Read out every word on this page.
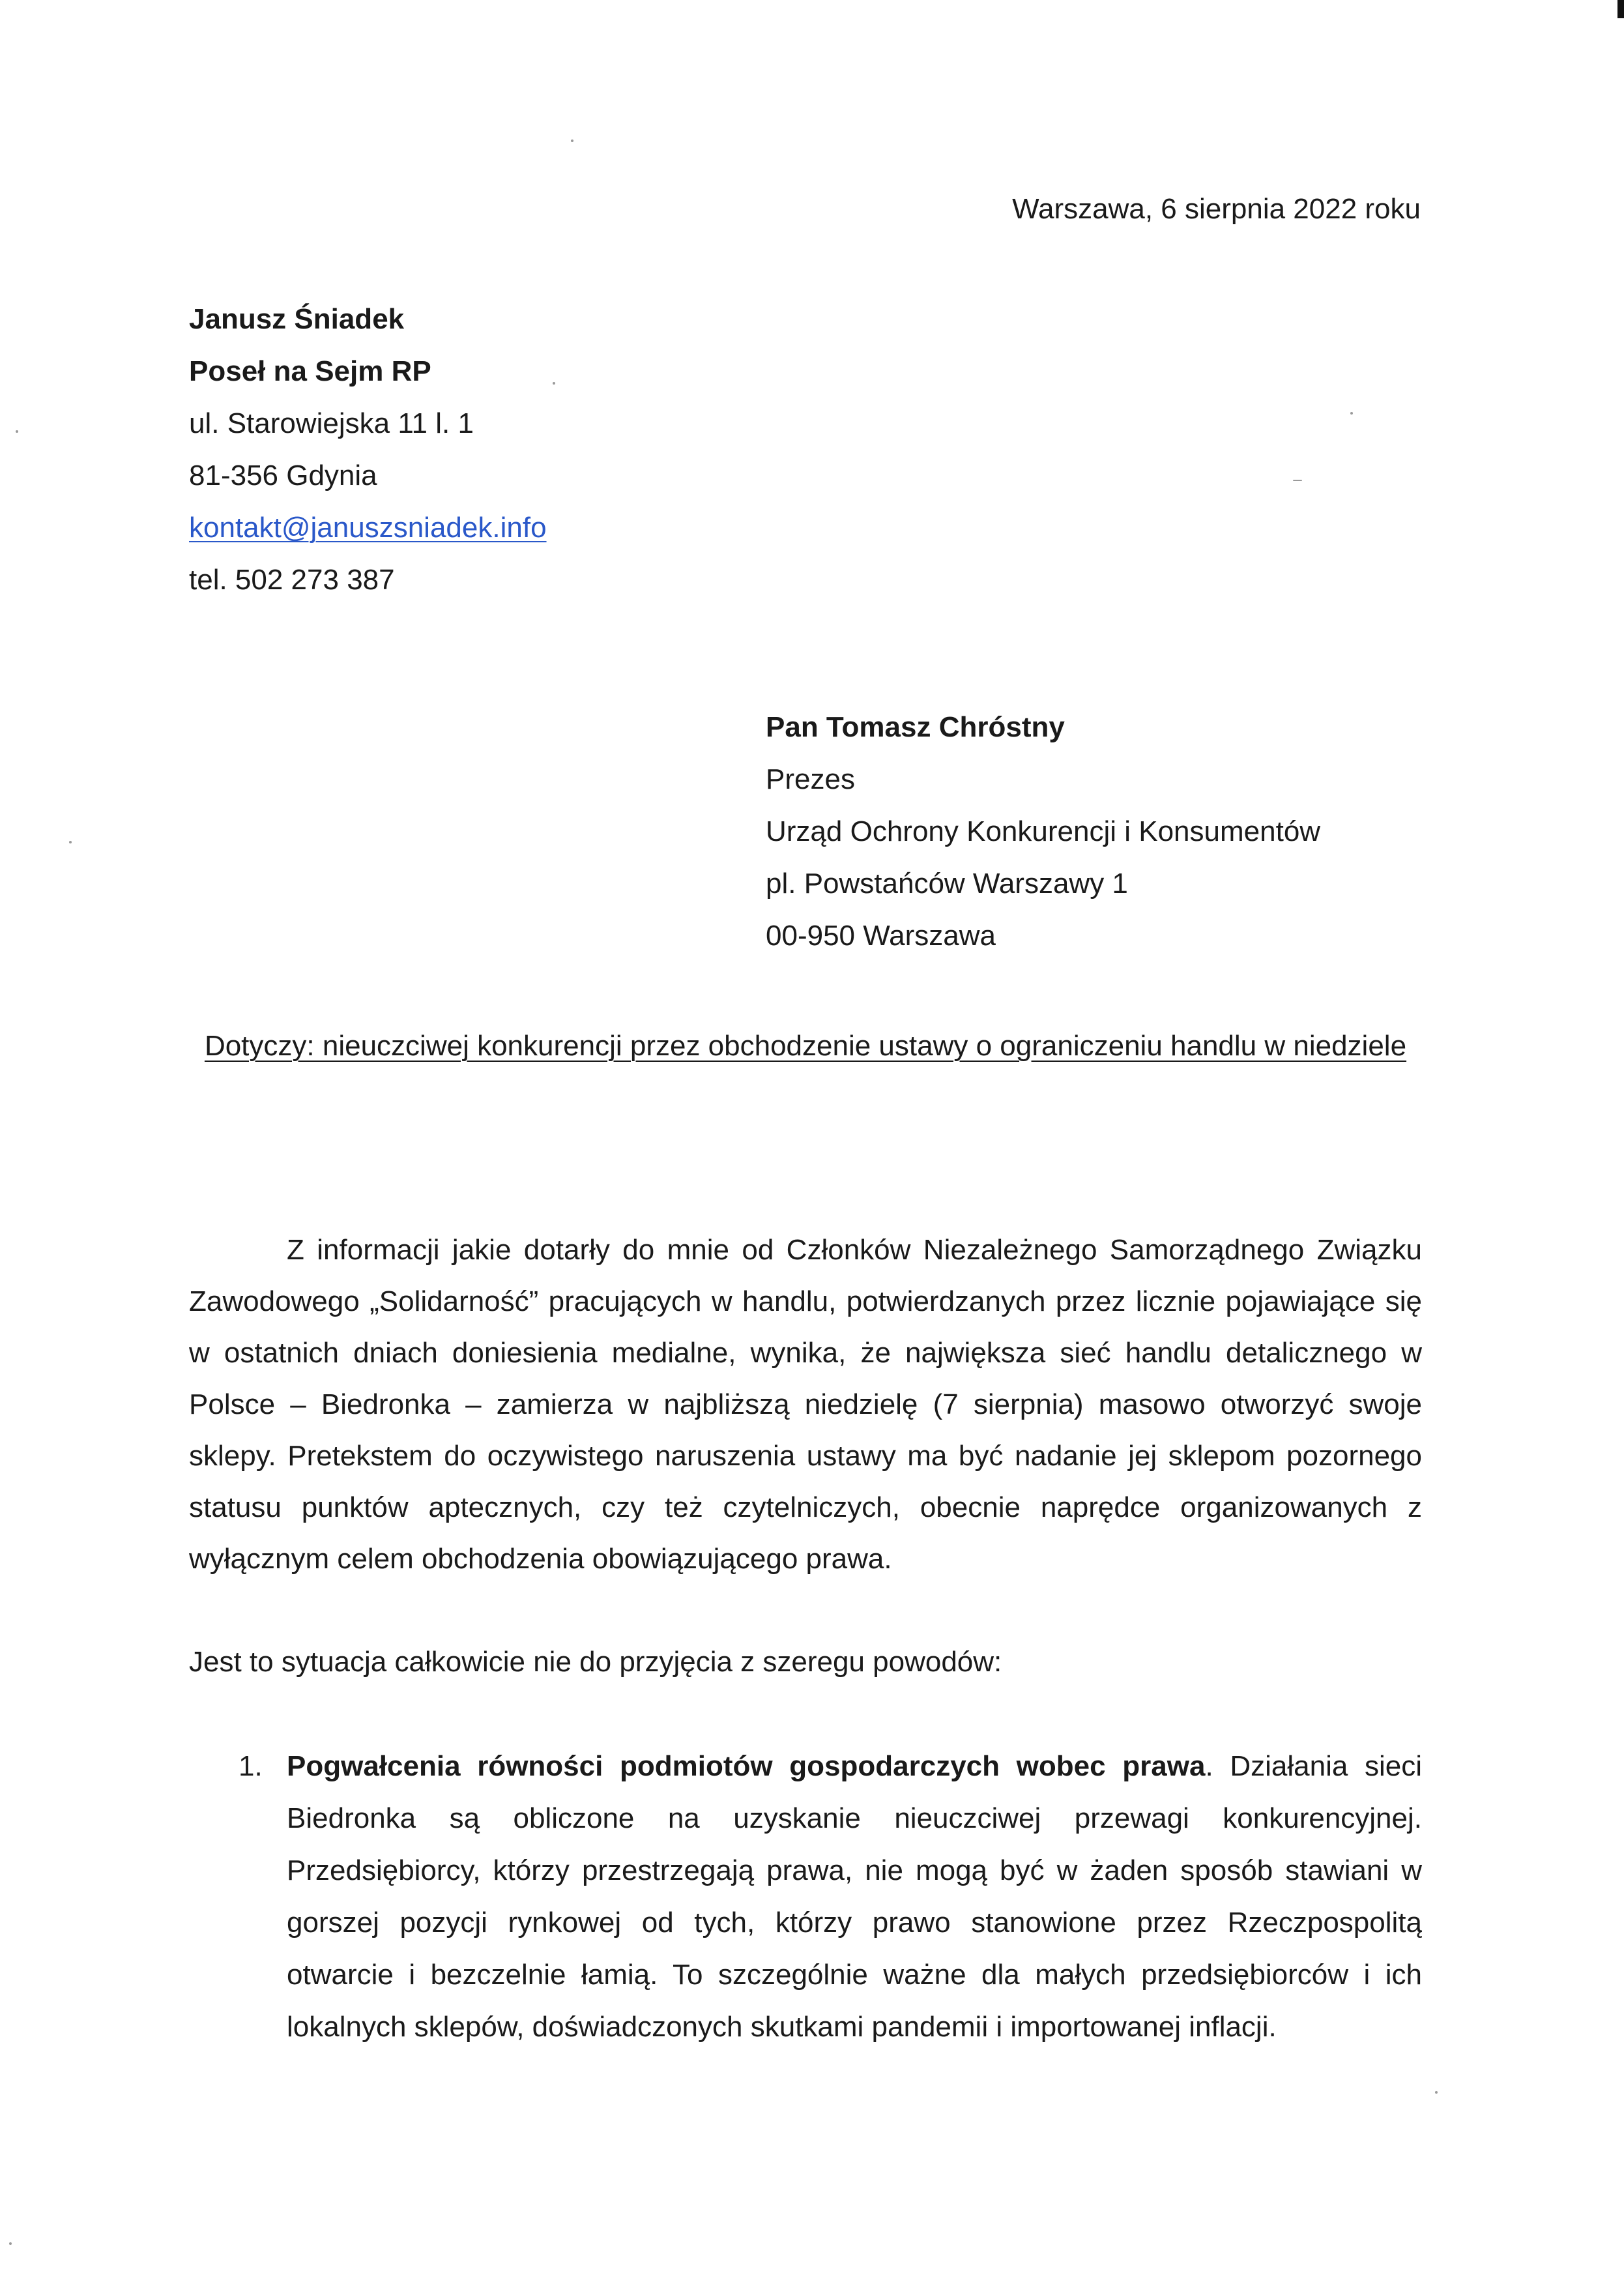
Warszawa, 6 sierpnia 2022 roku
Janusz Śniadek
Poseł na Sejm RP
ul. Starowiejska 11 l. 1
81-356 Gdynia
kontakt@januszsniadek.info
tel. 502 273 387
Pan Tomasz Chróstny
Prezes
Urząd Ochrony Konkurencji i Konsumentów
pl. Powstańców Warszawy 1
00-950 Warszawa
Dotyczy: nieuczciwej konkurencji przez obchodzenie ustawy o ograniczeniu handlu w niedziele
Z informacji jakie dotarły do mnie od Członków Niezależnego Samorządnego Związku Zawodowego „Solidarność” pracujących w handlu, potwierdzanych przez licznie pojawiające się w ostatnich dniach doniesienia medialne, wynika, że największa sieć handlu detalicznego w Polsce – Biedronka – zamierza w najbliższą niedzielę (7 sierpnia) masowo otworzyć swoje sklepy. Pretekstem do oczywistego naruszenia ustawy ma być nadanie jej sklepom pozornego statusu punktów aptecznych, czy też czytelniczych, obecnie naprędce organizowanych z wyłącznym celem obchodzenia obowiązującego prawa.
Jest to sytuacja całkowicie nie do przyjęcia z szeregu powodów:
1. Pogwałcenia równości podmiotów gospodarczych wobec prawa. Działania sieci Biedronka są obliczone na uzyskanie nieuczciwej przewagi konkurencyjnej. Przedsiębiorcy, którzy przestrzegają prawa, nie mogą być w żaden sposób stawiani w gorszej pozycji rynkowej od tych, którzy prawo stanowione przez Rzeczpospolitą otwarcie i bezczelnie łamią. To szczególnie ważne dla małych przedsiębiorców i ich lokalnych sklepów, doświadczonych skutkami pandemii i importowanej inflacji.
